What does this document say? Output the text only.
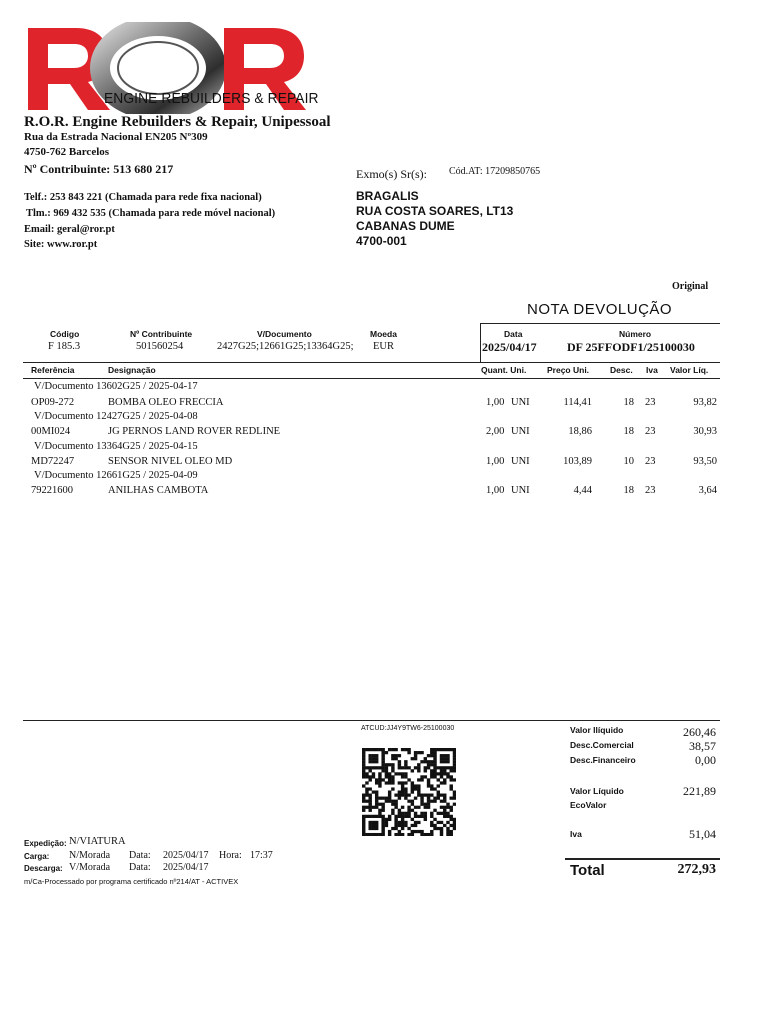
ENGINE REBUILDERS & REPAIR
R.O.R. Engine Rebuilders & Repair, Unipessoal
Rua da Estrada Nacional EN205 Nº309
4750-762 Barcelos
Nº Contribuinte: 513 680 217
Telf.: 253 843 221 (Chamada para rede fixa nacional)
Tlm.: 969 432 535 (Chamada para rede móvel nacional)
Email: geral@ror.pt
Site: www.ror.pt
Exmo(s) Sr(s): Cód.AT: 17209850765
BRAGALIS
RUA COSTA SOARES, LT13
CABANAS DUME
4700-001
Original
NOTA DEVOLUÇÃO
Código	Nº Contribuinte	V/Documento	Moeda	Data	Número
F 185.3	501560254	2427G25;12661G25;13364G25;	EUR	2025/04/17	DF 25FFODF1/25100030
Referência	Designação	Quant. Uni. Preço Uni. Desc. Iva Valor Líq.
V/Documento 13602G25 / 2025-04-17
OP09-272	BOMBA OLEO FRECCIA	1,00 UNI	114,41	18 23	93,82
V/Documento 12427G25 / 2025-04-08
00MI024	JG PERNOS LAND ROVER REDLINE	2,00 UNI	18,86	18 23	30,93
V/Documento 13364G25 / 2025-04-15
MD72247	SENSOR NIVEL OLEO MD	1,00 UNI	103,89	10 23	93,50
V/Documento 12661G25 / 2025-04-09
79221600	ANILHAS CAMBOTA	1,00 UNI	4,44	18 23	3,64
ATCUD:JJ4Y9TW6-25100030
Expedição: N/VIATURA
Carga: N/Morada Data: 2025/04/17 Hora: 17:37
Descarga: V/Morada Data: 2025/04/17
m/Ca-Processado por programa certificado nº214/AT - ACTIVEX
Valor Ilíquido	260,46
Desc.Comercial	38,57
Desc.Financeiro	0,00
Valor Líquido	221,89
EcoValor
Iva	51,04
Total	272,93
